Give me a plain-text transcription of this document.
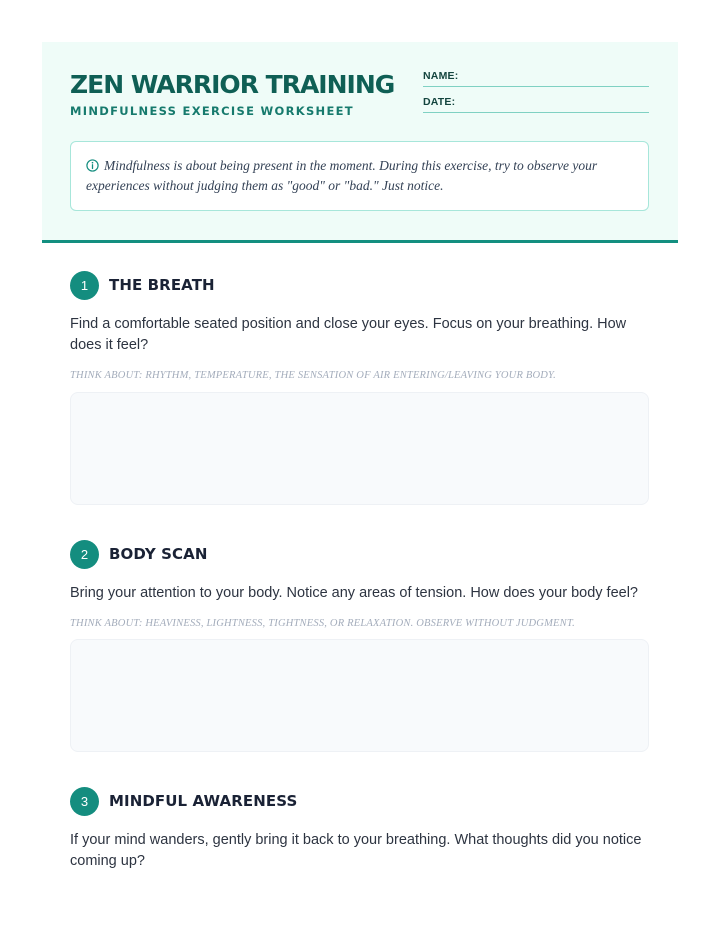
ZEN WARRIOR TRAINING
MINDFULNESS EXERCISE WORKSHEET
NAME:
DATE:
Mindfulness is about being present in the moment. During this exercise, try to observe your experiences without judging them as "good" or "bad." Just notice.
1	THE BREATH

Find a comfortable seated position and close your eyes. Focus on your breathing. How does it feel?

THINK ABOUT: RHYTHM, TEMPERATURE, THE SENSATION OF AIR ENTERING/LEAVING YOUR BODY.
2	BODY SCAN

Bring your attention to your body. Notice any areas of tension. How does your body feel?

THINK ABOUT: HEAVINESS, LIGHTNESS, TIGHTNESS, OR RELAXATION. OBSERVE WITHOUT JUDGMENT.
3	MINDFUL AWARENESS

If your mind wanders, gently bring it back to your breathing. What thoughts did you notice coming up?
